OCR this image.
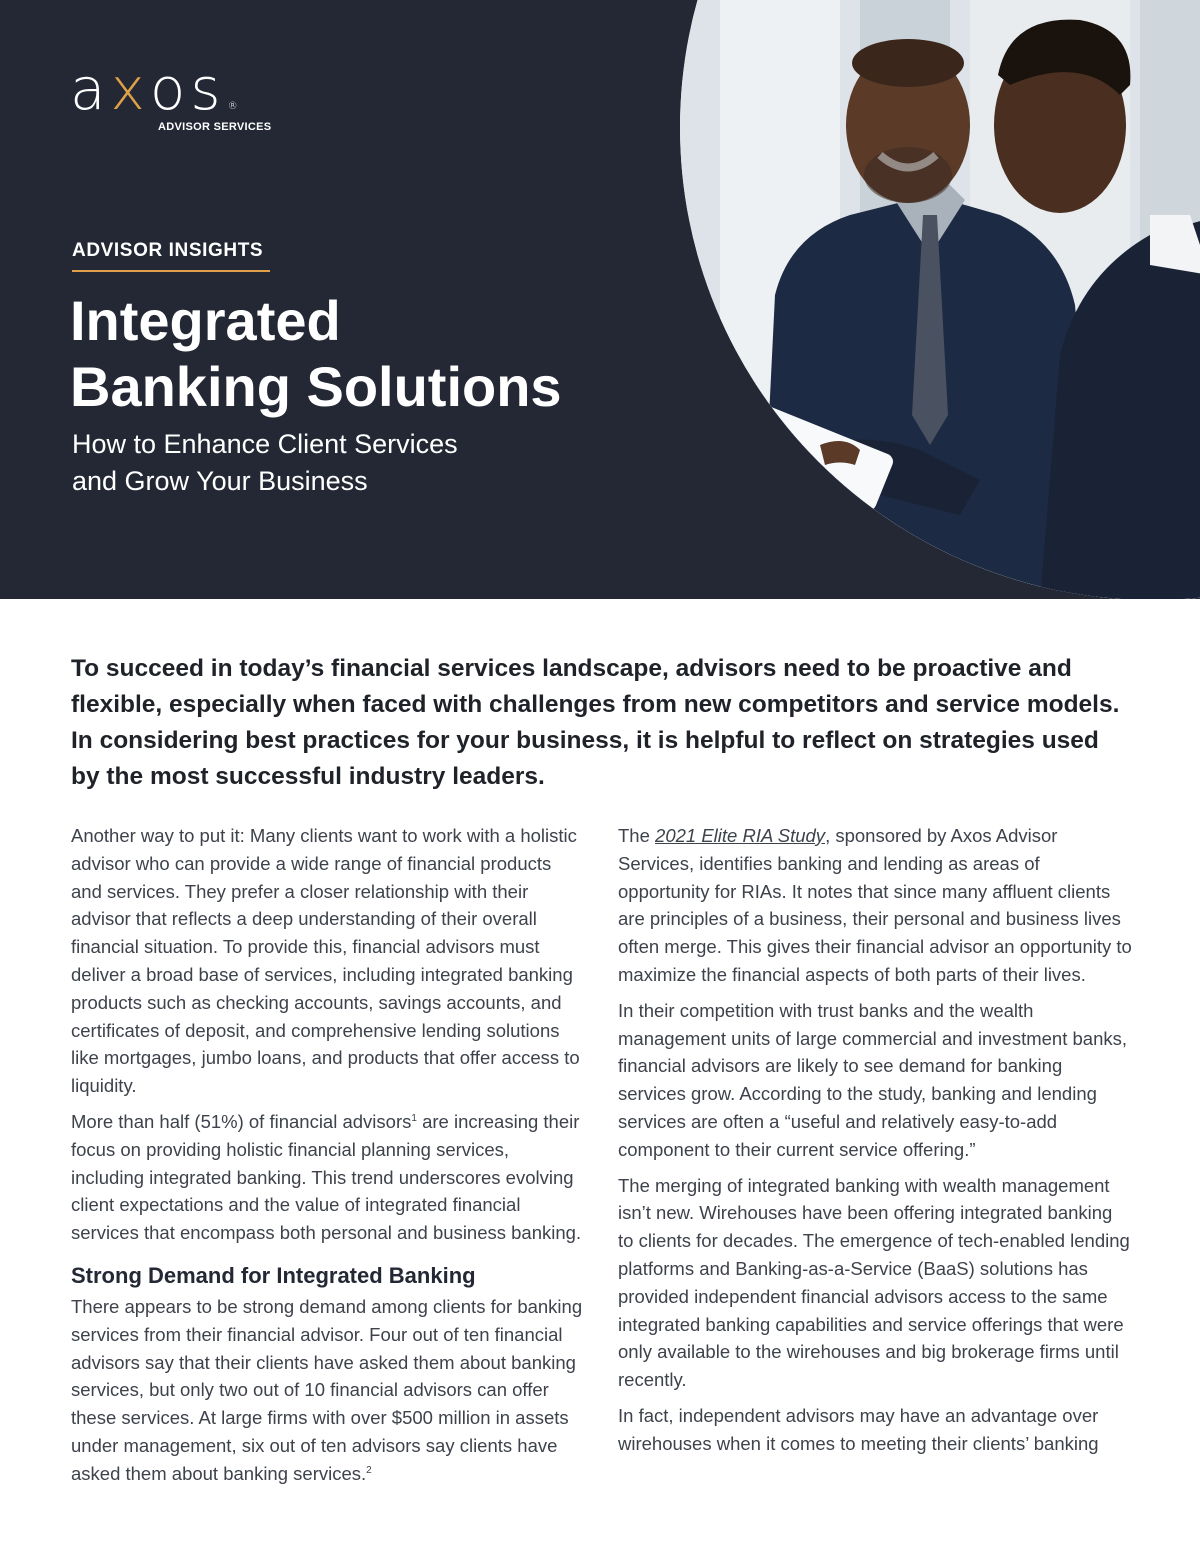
a x os ®
ADVISOR SERVICES
ADVISOR INSIGHTS
Integrated
Banking Solutions
How to Enhance Client Services
and Grow Your Business

To succeed in today’s financial services landscape, advisors need to be proactive and flexible, especially when faced with challenges from new competitors and service models. In considering best practices for your business, it is helpful to reflect on strategies used by the most successful industry leaders.

Another way to put it: Many clients want to work with a holistic advisor who can provide a wide range of financial products and services. They prefer a closer relationship with their advisor that reflects a deep understanding of their overall financial situation. To provide this, financial advisors must deliver a broad base of services, including integrated banking products such as checking accounts, savings accounts, and certificates of deposit, and comprehensive lending solutions like mortgages, jumbo loans, and products that offer access to liquidity.

More than half (51%) of financial advisors$^1$ are increasing their focus on providing holistic financial planning services, including integrated banking. This trend underscores evolving client expectations and the value of integrated financial services that encompass both personal and business banking.

Strong Demand for Integrated Banking

There appears to be strong demand among clients for banking services from their financial advisor. Four out of ten financial advisors say that their clients have asked them about banking services, but only two out of 10 financial advisors can offer these services. At large firms with over $500 million in assets under management, six out of ten advisors say clients have asked them about banking services.$^2$

The 2021 Elite RIA Study, sponsored by Axos Advisor Services, identifies banking and lending as areas of opportunity for RIAs. It notes that since many affluent clients are principles of a business, their personal and business lives often merge. This gives their financial advisor an opportunity to maximize the financial aspects of both parts of their lives.

In their competition with trust banks and the wealth management units of large commercial and investment banks, financial advisors are likely to see demand for banking services grow. According to the study, banking and lending services are often a “useful and relatively easy-to-add component to their current service offering.”

The merging of integrated banking with wealth management isn’t new. Wirehouses have been offering integrated banking to clients for decades. The emergence of tech-enabled lending platforms and Banking-as-a-Service (BaaS) solutions has provided independent financial advisors access to the same integrated banking capabilities and service offerings that were only available to the wirehouses and big brokerage firms until recently.

In fact, independent advisors may have an advantage over wirehouses when it comes to meeting their clients’ banking
